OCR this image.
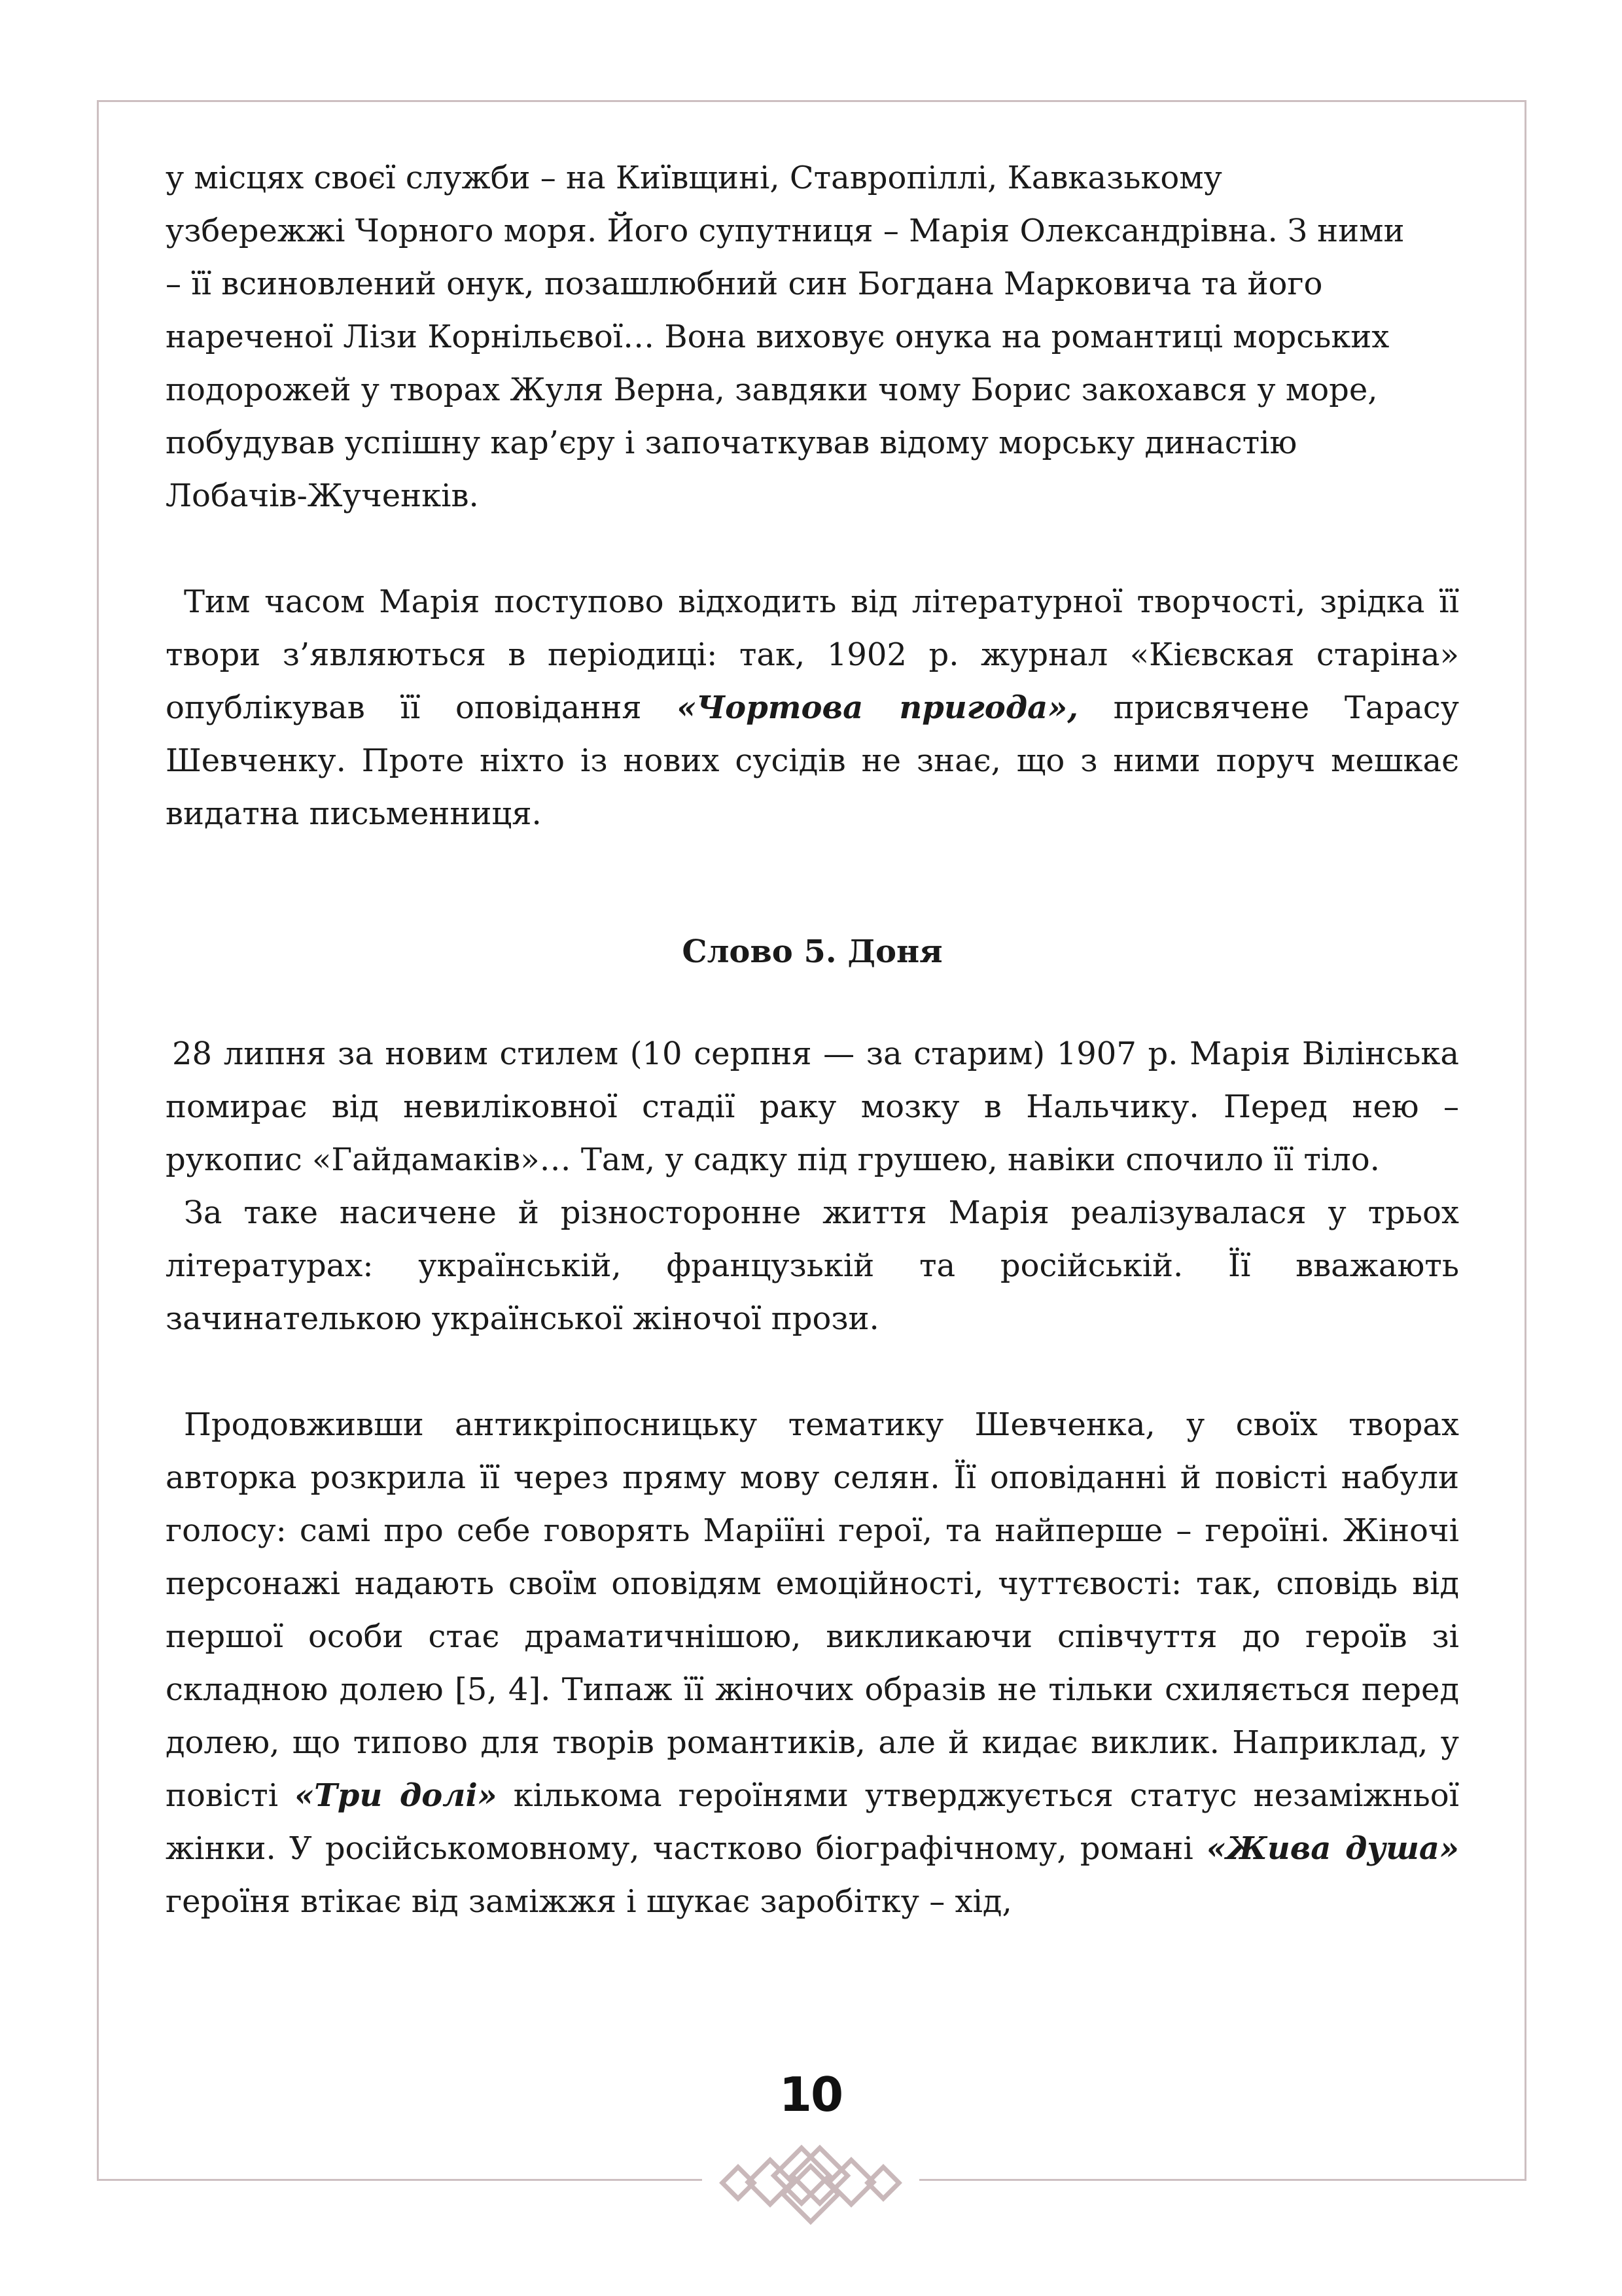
у місцях своєї служби – на Київщині, Ставропіллі, Кавказькому
узбережжі Чорного моря. Його супутниця – Марія Олександрівна. З ними
– її всиновлений онук, позашлюбний син Богдана Марковича та його
нареченої Лізи Корнільєвої… Вона виховує онука на романтиці морських
подорожей у творах Жуля Верна, завдяки чому Борис закохався у море,
побудував успішну кар’єру і започаткував відому морську династію
Лобачів-Жученків.

Тим часом Марія поступово відходить від літературної творчості, зрідка її твори з’являються в періодиці: так, 1902 р. журнал «Кієвская старіна» опублікував її оповідання «Чортова пригода», присвячене Тарасу Шевченку. Проте ніхто із нових сусідів не знає, що з ними поруч мешкає видатна письменниця.

Слово 5. Доня

28 липня за новим стилем (10 серпня — за старим) 1907 р. Марія Вілінська помирає від невиліковної стадії раку мозку в Нальчику. Перед нею – рукопис «Гайдамаків»… Там, у садку під грушею, навіки спочило її тіло.

За таке насичене й різносторонне життя Марія реалізувалася у трьох літературах: українській, французькій та російській. Її вважають зачинателькою української жіночої прози.

Продовживши антикріпосницьку тематику Шевченка, у своїх творах авторка розкрила її через пряму мову селян. Її оповіданні й повісті набули голосу: самі про себе говорять Маріїні герої, та найперше – героїні. Жіночі персонажі надають своїм оповідям емоційності, чуттєвості: так, сповідь від першої особи стає драматичнішою, викликаючи співчуття до героїв зі складною долею [5, 4]. Типаж її жіночих образів не тільки схиляється перед долею, що типово для творів романтиків, але й кидає виклик. Наприклад, у повісті «Три долі» кількома героїнями утверджується статус незаміжньої жінки. У російськомовному, частково біографічному, романі «Жива душа» героїня втікає від заміжжя і шукає заробітку – хід,

10
